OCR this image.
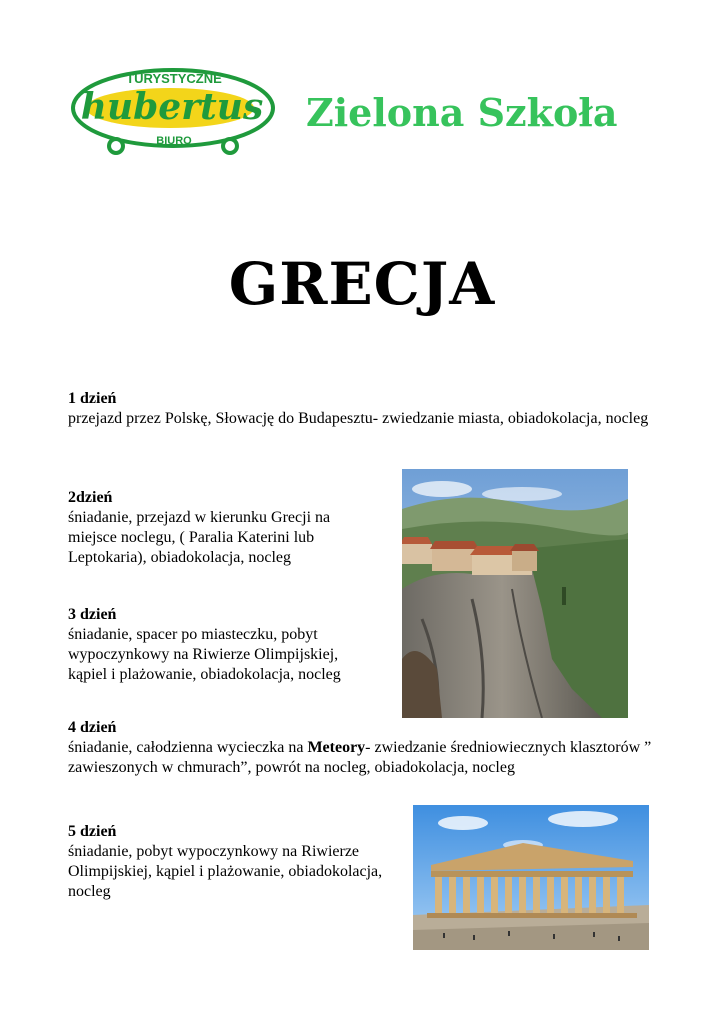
TURYSTYCZNE
hubertus
BIURO
Zielona Szkoła
GRECJA
1 dzień
przejazd przez Polskę, Słowację do Budapesztu- zwiedzanie miasta, obiadokolacja, nocleg
2dzień
śniadanie, przejazd w kierunku Grecji na miejsce noclegu, ( Paralia Katerini lub Leptokaria), obiadokolacja, nocleg
3 dzień
śniadanie, spacer po miasteczku, pobyt wypoczynkowy na Riwierze Olimpijskiej, kąpiel i plażowanie, obiadokolacja, nocleg
4 dzień
śniadanie, całodzienna wycieczka na Meteory- zwiedzanie średniowiecznych klasztorów ” zawieszonych w chmurach”, powrót na nocleg, obiadokolacja, nocleg
5 dzień
śniadanie, pobyt wypoczynkowy na Riwierze Olimpijskiej, kąpiel i plażowanie, obiadokolacja, nocleg
